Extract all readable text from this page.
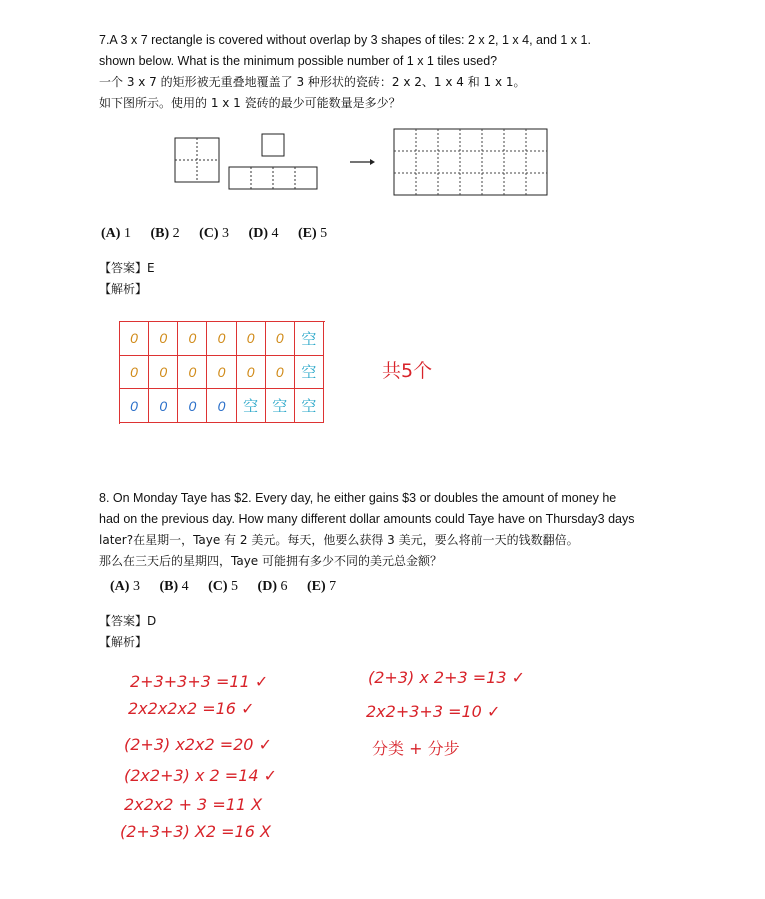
7.A 3 x 7 rectangle is covered without overlap by 3 shapes of tiles: 2 x 2, 1 x 4, and 1 x 1.
shown below. What is the minimum possible number of 1 x 1 tiles used?
一个 3 x 7 的矩形被无重叠地覆盖了 3 种形状的瓷砖：2 x 2、1 x 4 和 1 x 1。
如下图所示。使用的 1 x 1 瓷砖的最少可能数量是多少？
(A) 1 (B) 2 (C) 3 (D) 4 (E) 5
【答案】E
【解析】
0	0	0	0	0	0	空
0	0	0	0	0	0	空
0	0	0	0	空 空 空
共5个
8. On Monday Taye has $2. Every day, he either gains $3 or doubles the amount of money he
had on the previous day. How many different dollar amounts could Taye have on Thursday3 days
later?在星期一，Taye 有 2 美元。每天，他要么获得 3 美元，要么将前一天的钱数翻倍。
那么在三天后的星期四，Taye 可能拥有多少不同的美元总金额？
(A) 3 (B) 4 (C) 5 (D) 6 (E) 7
【答案】D
【解析】
2+3+3+3 =11 ✓
2x2x2x2 =16 ✓
(2+3) x2x2 =20 ✓
(2x2+3) x 2 =14 ✓
2x2x2 + 3 =11 X
(2+3+3) X2 =16 X
(2+3) x 2+3 =13 ✓
2x2+3+3 =10 ✓
分类 + 分步
